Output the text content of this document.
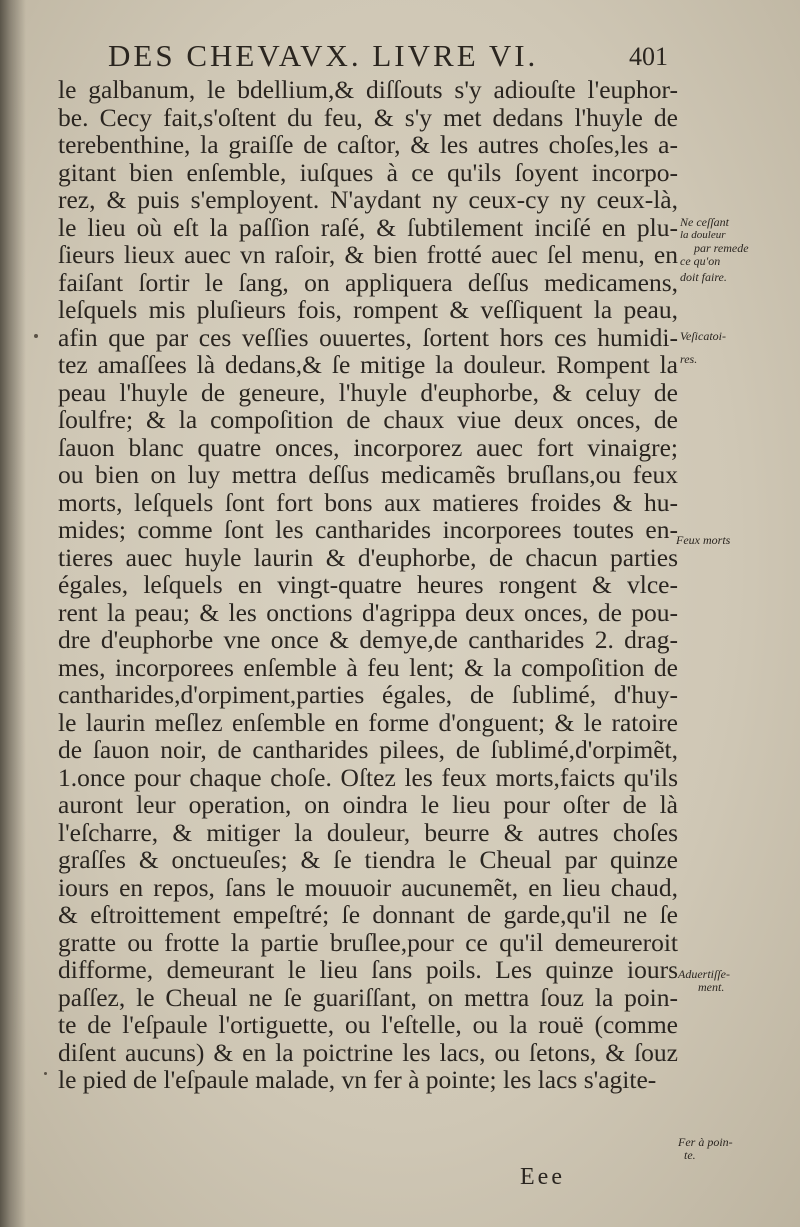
DES CHEVAVX. LIVRE VI.	401
le galbanum, le bdellium,& diſſouts s'y adiouſte l'euphor-
be. Cecy fait,s'oſtent du feu, & s'y met dedans l'huyle de
terebenthine, la graiſſe de caſtor, & les autres choſes,les a-
gitant bien enſemble, iuſques à ce qu'ils ſoyent incorpo-
rez, & puis s'employent. N'aydant ny ceux-cy ny ceux-là,
le lieu où eſt la paſſion raſé, & ſubtilement inciſé en plu-
ſieurs lieux auec vn raſoir, & bien frotté auec ſel menu, en
faiſant ſortir le ſang, on appliquera deſſus medicamens,
leſquels mis pluſieurs fois, rompent & veſſiquent la peau,
afin que par ces veſſies ouuertes, ſortent hors ces humidi-
tez amaſſees là dedans,& ſe mitige la douleur. Rompent la
peau l'huyle de geneure, l'huyle d'euphorbe, & celuy de
ſoulfre; & la compoſition de chaux viue deux onces, de
ſauon blanc quatre onces, incorporez auec fort vinaigre;
ou bien on luy mettra deſſus medicamẽs bruſlans,ou feux
morts, leſquels ſont fort bons aux matieres froides & hu-
mides; comme ſont les cantharides incorporees toutes en-
tieres auec huyle laurin & d'euphorbe, de chacun parties
égales, leſquels en vingt-quatre heures rongent & vlce-
rent la peau; & les onctions d'agrippa deux onces, de pou-
dre d'euphorbe vne once & demye,de cantharides 2. drag-
mes, incorporees enſemble à feu lent; & la compoſition de
cantharides,d'orpiment,parties égales, de ſublimé, d'huy-
le laurin meſlez enſemble en forme d'onguent; & le ratoire
de ſauon noir, de cantharides pilees, de ſublimé,d'orpimẽt,
1.once pour chaque choſe. Oſtez les feux morts,faicts qu'ils
auront leur operation, on oindra le lieu pour oſter de là
l'eſcharre, & mitiger la douleur, beurre & autres choſes
graſſes & onctueuſes; & ſe tiendra le Cheual par quinze
iours en repos, ſans le mouuoir aucunemẽt, en lieu chaud,
& eſtroittement empeſtré; ſe donnant de garde,qu'il ne ſe
gratte ou frotte la partie bruſlee,pour ce qu'il demeureroit
difforme, demeurant le lieu ſans poils. Les quinze iours
paſſez, le Cheual ne ſe guariſſant, on mettra ſouz la poin-
te de l'eſpaule l'ortiguette, ou l'eſtelle, ou la rouë (comme
diſent aucuns) & en la poictrine les lacs, ou ſetons, & ſouz
le pied de l'eſpaule malade, vn fer à pointe; les lacs s'agite-
Ne ceſſant
la douleur
par remede
ce qu'on
doit faire.
Veſicatoi-
res.
Feux morts
Aduertiſſe-
ment.
Fer à poin-
te.
Eee
